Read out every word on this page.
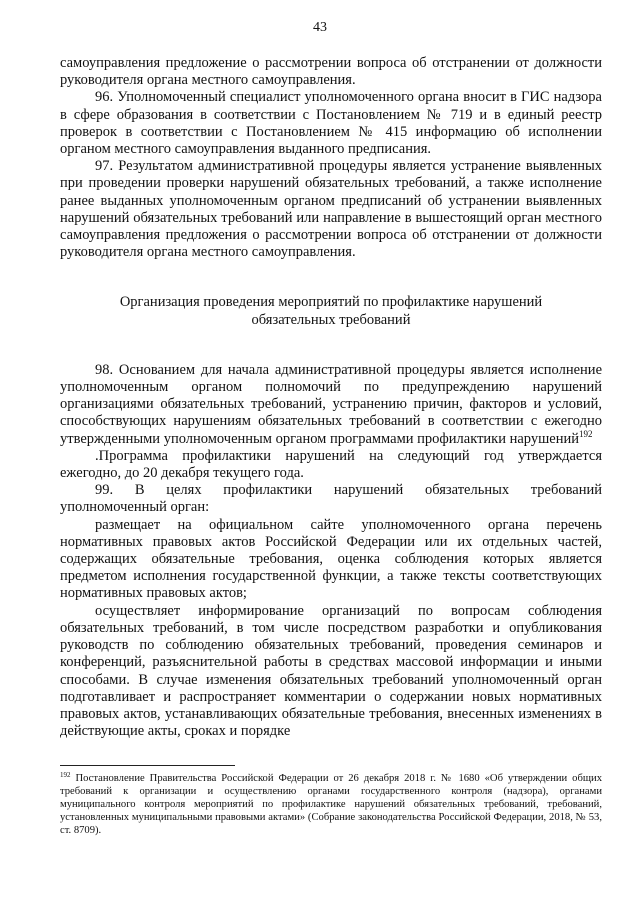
43

самоуправления предложение о рассмотрении вопроса об отстранении от должности руководителя органа местного самоуправления.

96. Уполномоченный специалист уполномоченного органа вносит в ГИС надзора в сфере образования в соответствии с Постановлением № 719 и в единый реестр проверок в соответствии с Постановлением № 415 информацию об исполнении органом местного самоуправления выданного предписания.

97. Результатом административной процедуры является устранение выявленных при проведении проверки нарушений обязательных требований, а также исполнение ранее выданных уполномоченным органом предписаний об устранении выявленных нарушений обязательных требований или направление в вышестоящий орган местного самоуправления предложения о рассмотрении вопроса об отстранении от должности руководителя органа местного самоуправления.

Организация проведения мероприятий по профилактике нарушений обязательных требований

98. Основанием для начала административной процедуры является исполнение уполномоченным органом полномочий по предупреждению нарушений организациями обязательных требований, устранению причин, факторов и условий, способствующих нарушениям обязательных требований в соответствии с ежегодно утвержденными уполномоченным органом программами профилактики нарушений$^{192}$

.Программа профилактики нарушений на следующий год утверждается ежегодно, до 20 декабря текущего года.

99. В целях профилактики нарушений обязательных требований уполномоченный орган:

размещает на официальном сайте уполномоченного органа перечень нормативных правовых актов Российской Федерации или их отдельных частей, содержащих обязательные требования, оценка соблюдения которых является предметом исполнения государственной функции, а также тексты соответствующих нормативных правовых актов;

осуществляет информирование организаций по вопросам соблюдения обязательных требований, в том числе посредством разработки и опубликования руководств по соблюдению обязательных требований, проведения семинаров и конференций, разъяснительной работы в средствах массовой информации и иными способами. В случае изменения обязательных требований уполномоченный орган подготавливает и распространяет комментарии о содержании новых нормативных правовых актов, устанавливающих обязательные требования, внесенных изменениях в действующие акты, сроках и порядке

$^{192}$ Постановление Правительства Российской Федерации от 26 декабря 2018 г. № 1680 «Об утверждении общих требований к организации и осуществлению органами государственного контроля (надзора), органами муниципального контроля мероприятий по профилактике нарушений обязательных требований, требований, установленных муниципальными правовыми актами» (Собрание законодательства Российской Федерации, 2018, № 53, ст. 8709).
